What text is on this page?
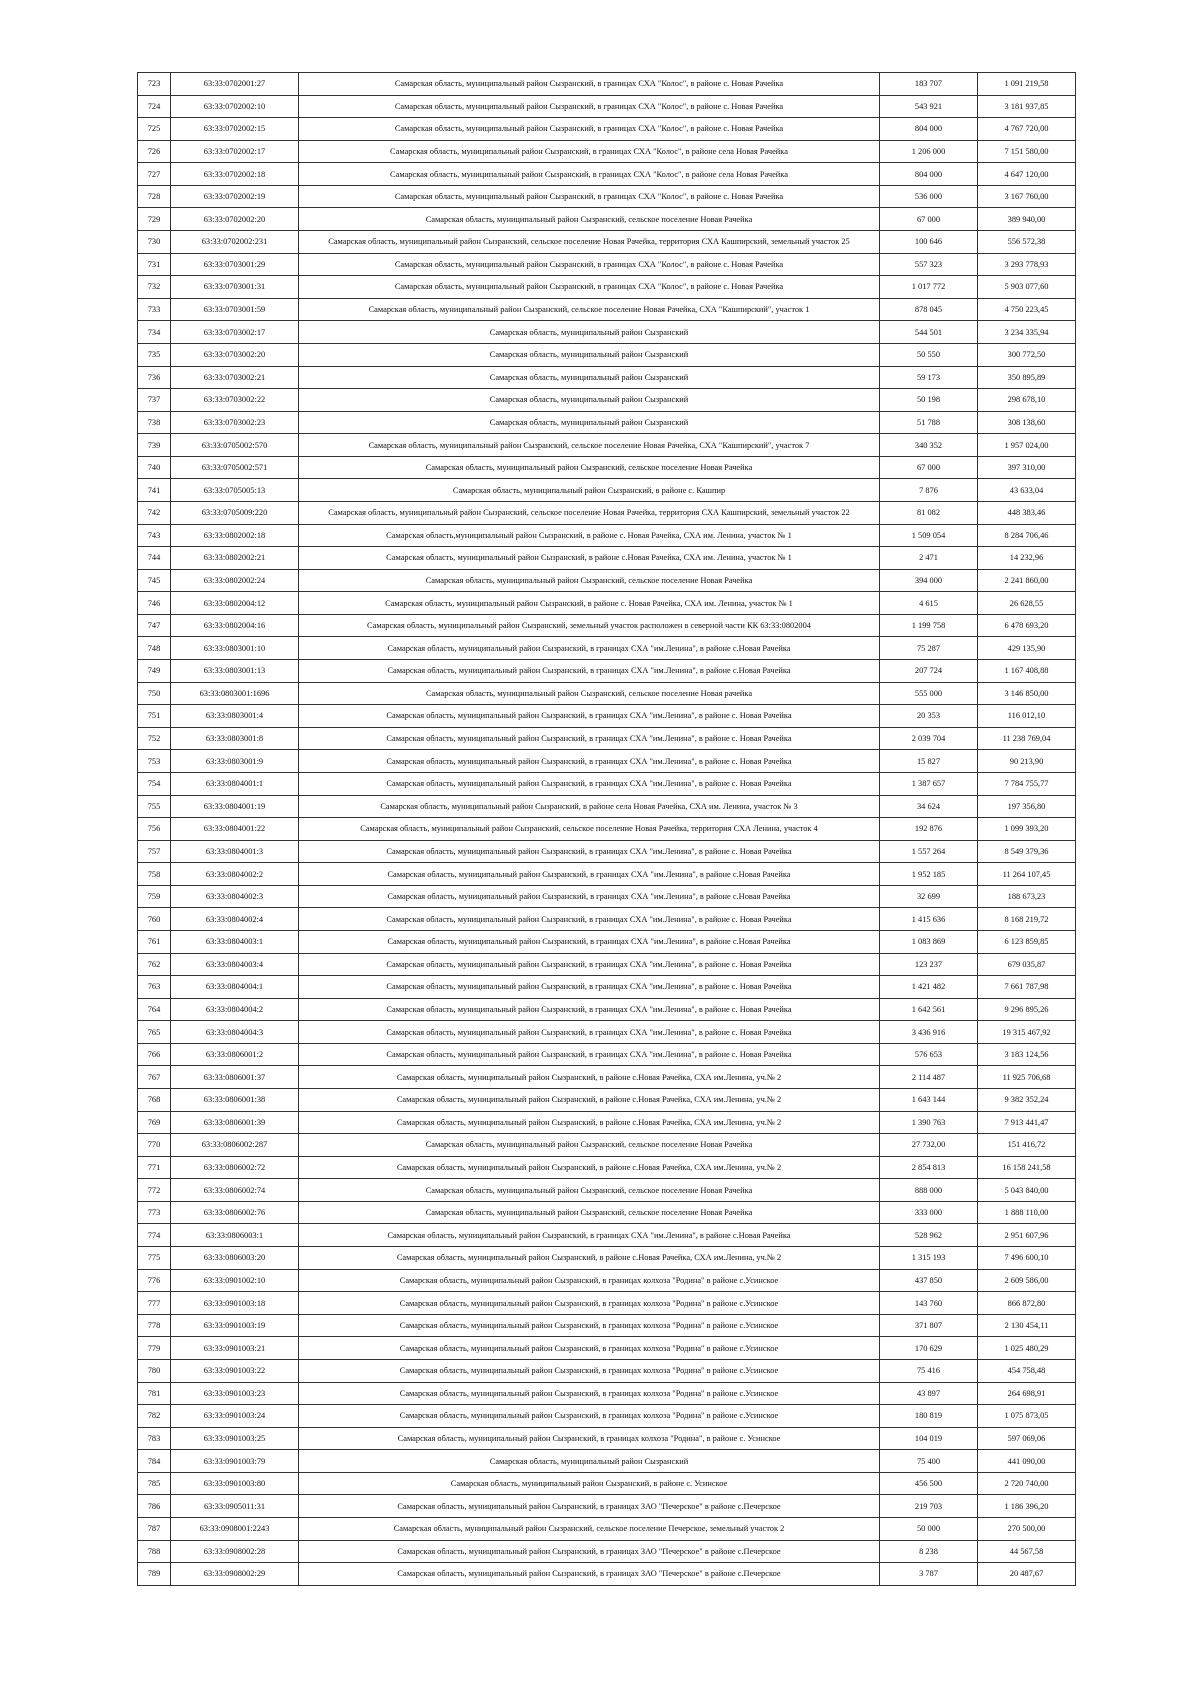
723	63:33:0702001:27	Самарская область, муниципальный район Сызранский, в границах СХА "Колос", в районе с. Новая Рачейка	183 707	1 091 219,58
724	63:33:0702002:10	Самарская область, муниципальный район Сызранский, в границах СХА "Колос", в районе с. Новая Рачейка	543 921	3 181 937,85
725	63:33:0702002:15	Самарская область, муниципальный район Сызранский, в границах СХА "Колос", в районе с. Новая Рачейка	804 000	4 767 720,00
726	63:33:0702002:17	Самарская область, муниципальный район Сызранский, в границах СХА "Колос", в районе села Новая Рачейка	1 206 000	7 151 580,00
727	63:33:0702002:18	Самарская область, муниципальный район Сызранский, в границах СХА "Колос", в районе села Новая Рачейка	804 000	4 647 120,00
728	63:33:0702002:19	Самарская область, муниципальный район Сызранский, в границах СХА "Колос", в районе с. Новая Рачейка	536 000	3 167 760,00
729	63:33:0702002:20	Самарская область, муниципальный район Сызранский, сельское поселение Новая Рачейка	67 000	389 940,00
730	63:33:0702002:231	Самарская область, муниципальный район Сызранский, сельское поселение Новая Рачейка, территория СХА Кашпирский, земельный участок 25	100 646	556 572,38
731	63:33:0703001:29	Самарская область, муниципальный район Сызранский, в границах СХА "Колос", в районе с. Новая Рачейка	557 323	3 293 778,93
732	63:33:0703001:31	Самарская область, муниципальный район Сызранский, в границах СХА "Колос", в районе с. Новая Рачейка	1 017 772	5 903 077,60
733	63:33:0703001:59	Самарская область, муниципальный район Сызранский, сельское поселение Новая Рачейка, СХА "Кашпирский", участок 1	878 045	4 750 223,45
734	63:33:0703002:17	Самарская область, муниципальный район Сызранский	544 501	3 234 335,94
735	63:33:0703002:20	Самарская область, муниципальный район Сызранский	50 550	300 772,50
736	63:33:0703002:21	Самарская область, муниципальный район Сызранский	59 173	350 895,89
737	63:33:0703002:22	Самарская область, муниципальный район Сызранский	50 198	298 678,10
738	63:33:0703002:23	Самарская область, муниципальный район Сызранский	51 788	308 138,60
739	63:33:0705002:570	Самарская область, муниципальный район Сызранский, сельское поселение Новая Рачейка, СХА "Кашпирский", участок 7	340 352	1 957 024,00
740	63:33:0705002:571	Самарская область, муниципальный район Сызранский, сельское поселение Новая Рачейка	67 000	397 310,00
741	63:33:0705005:13	Самарская область, муниципальный район Сызранский, в районе с. Кашпир	7 876	43 633,04
742	63:33:0705009:220	Самарская область, муниципальный район Сызранский, сельское поселение Новая Рачейка, территория СХА Кашпирский, земельный участок 22	81 082	448 383,46
743	63:33:0802002:18	Самарская область,муниципальный район Сызранский, в районе с. Новая Рачейка, СХА им. Ленина, участок № 1	1 509 054	8 284 706,46
744	63:33:0802002:21	Самарская область, муниципальный район Сызранский, в районе с.Новая Рачейка, СХА им. Ленина, участок № 1	2 471	14 232,96
745	63:33:0802002:24	Самарская область, муниципальный район Сызранский, сельское поселение Новая Рачейка	394 000	2 241 860,00
746	63:33:0802004:12	Самарская область, муниципальный район Сызранский, в районе с. Новая Рачейка, СХА им. Ленина, участок № 1	4 615	26 628,55
747	63:33:0802004:16	Самарская область, муниципальный район Сызранский, земельный участок расположен в северной части КК 63:33:0802004	1 199 758	6 478 693,20
748	63:33:0803001:10	Самарская область, муниципальный район Сызранский, в границах СХА "им.Ленина", в районе с.Новая Рачейка	75 287	429 135,90
749	63:33:0803001:13	Самарская область, муниципальный район Сызранский, в границах СХА "им.Ленина", в районе с.Новая Рачейка	207 724	1 167 408,88
750	63:33:0803001:1696	Самарская область, муниципальный район Сызранский, сельское поселение Новая рачейка	555 000	3 146 850,00
751	63:33:0803001:4	Самарская область, муниципальный район Сызранский, в границах СХА "им.Ленина", в районе с. Новая Рачейка	20 353	116 012,10
752	63:33:0803001:8	Самарская область, муниципальный район Сызранский, в границах СХА "им.Ленина", в районе с. Новая Рачейка	2 039 704	11 238 769,04
753	63:33:0803001:9	Самарская область, муниципальный район Сызранский, в границах СХА "им.Ленина", в районе с. Новая Рачейка	15 827	90 213,90
754	63:33:0804001:1	Самарская область, муниципальный район Сызранский, в границах СХА "им.Ленина", в районе с. Новая Рачейка	1 387 657	7 784 755,77
755	63:33:0804001:19	Самарская область, муниципальный район Сызранский, в районе села Новая Рачейка, СХА им. Ленина, участок № 3	34 624	197 356,80
756	63:33:0804001:22	Самарская область, муниципальный район Сызранский, сельское поселение Новая Рачейка, территория СХА Ленина, участок 4	192 876	1 099 393,20
757	63:33:0804001:3	Самарская область, муниципальный район Сызранский, в границах СХА "им.Ленина", в районе с. Новая Рачейка	1 557 264	8 549 379,36
758	63:33:0804002:2	Самарская область, муниципальный район Сызранский, в границах СХА "им.Ленина", в районе с.Новая Рачейка	1 952 185	11 264 107,45
759	63:33:0804002:3	Самарская область, муниципальный район Сызранский, в границах СХА "им.Ленина", в районе с.Новая Рачейка	32 699	188 673,23
760	63:33:0804002:4	Самарская область, муниципальный район Сызранский, в границах СХА "им.Ленина", в районе с. Новая Рачейка	1 415 636	8 168 219,72
761	63:33:0804003:1	Самарская область, муниципальный район Сызранский, в границах СХА "им.Ленина", в районе с.Новая Рачейка	1 083 869	6 123 859,85
762	63:33:0804003:4	Самарская область, муниципальный район Сызранский, в границах СХА "им.Ленина", в районе с. Новая Рачейка	123 237	679 035,87
763	63:33:0804004:1	Самарская область, муниципальный район Сызранский, в границах СХА "им.Ленина", в районе с. Новая Рачейка	1 421 482	7 661 787,98
764	63:33:0804004:2	Самарская область, муниципальный район Сызранский, в границах СХА "им.Ленина", в районе с. Новая Рачейка	1 642 561	9 296 895,26
765	63:33:0804004:3	Самарская область, муниципальный район Сызранский, в границах СХА "им.Ленина", в районе с. Новая Рачейка	3 436 916	19 315 467,92
766	63:33:0806001:2	Самарская область, муниципальный район Сызранский, в границах СХА "им.Ленина", в районе с. Новая Рачейка	576 653	3 183 124,56
767	63:33:0806001:37	Самарская область, муниципальный район Сызранский, в районе с.Новая Рачейка, СХА им.Ленина, уч.№ 2	2 114 487	11 925 706,68
768	63:33:0806001:38	Самарская область, муниципальный район Сызранский, в районе с.Новая Рачейка, СХА им.Ленина, уч.№ 2	1 643 144	9 382 352,24
769	63:33:0806001:39	Самарская область, муниципальный район Сызранский, в районе с.Новая Рачейка, СХА им.Ленина, уч.№ 2	1 390 763	7 913 441,47
770	63:33:0806002:287	Самарская область, муниципальный район Сызранский, сельское поселение Новая Рачейка	27 732,00	151 416,72
771	63:33:0806002:72	Самарская область, муниципальный район Сызранский, в районе с.Новая Рачейка, СХА им.Ленина, уч.№ 2	2 854 813	16 158 241,58
772	63:33:0806002:74	Самарская область, муниципальный район Сызранский, сельское поселение Новая Рачейка	888 000	5 043 840,00
773	63:33:0806002:76	Самарская область, муниципальный район Сызранский, сельское поселение Новая Рачейка	333 000	1 888 110,00
774	63:33:0806003:1	Самарская область, муниципальный район Сызранский, в границах СХА "им.Ленина", в районе с.Новая Рачейка	528 962	2 951 607,96
775	63:33:0806003:20	Самарская область, муниципальный район Сызранский, в районе с.Новая Рачейка, СХА им.Ленина, уч.№ 2	1 315 193	7 496 600,10
776	63:33:0901002:10	Самарская область, муниципальный район Сызранский, в границах колхоза "Родина" в районе с.Усинское	437 850	2 609 586,00
777	63:33:0901003:18	Самарская область, муниципальный район Сызранский, в границах колхоза "Родина" в районе с.Усинское	143 760	866 872,80
778	63:33:0901003:19	Самарская область, муниципальный район Сызранский, в границах колхоза "Родина" в районе с.Усинское	371 807	2 130 454,11
779	63:33:0901003:21	Самарская область, муниципальный район Сызранский, в границах колхоза "Родина" в районе с.Усинское	170 629	1 025 480,29
780	63:33:0901003:22	Самарская область, муниципальный район Сызранский, в границах колхоза "Родина" в районе с.Усинское	75 416	454 758,48
781	63:33:0901003:23	Самарская область, муниципальный район Сызранский, в границах колхоза "Родина" в районе с.Усинское	43 897	264 698,91
782	63:33:0901003:24	Самарская область, муниципальный район Сызранский, в границах колхоза "Родина" в районе с.Усинское	180 819	1 075 873,05
783	63:33:0901003:25	Самарская область, муниципальный район Сызранский, в границах колхоза "Родина", в районе с. Усинское	104 019	597 069,06
784	63:33:0901003:79	Самарская область, муниципальный район Сызранский	75 400	441 090,00
785	63:33:0901003:80	Самарская область, муниципальный район Сызранский, в районе с. Усинское	456 500	2 720 740,00
786	63:33:0905011:31	Самарская область, муниципальный район Сызранский, в границах ЗАО "Печерское" в районе с.Печерское	219 703	1 186 396,20
787	63:33:0908001:2243	Самарская область, муниципальный район Сызранский, сельское поселение Печерское, земельный участок 2	50 000	270 500,00
788	63:33:0908002:28	Самарская область, муниципальный район Сызранский, в границах ЗАО "Печерское" в районе с.Печерское	8 238	44 567,58
789	63:33:0908002:29	Самарская область, муниципальный район Сызранский, в границах ЗАО "Печерское" в районе с.Печерское	3 787	20 487,67
